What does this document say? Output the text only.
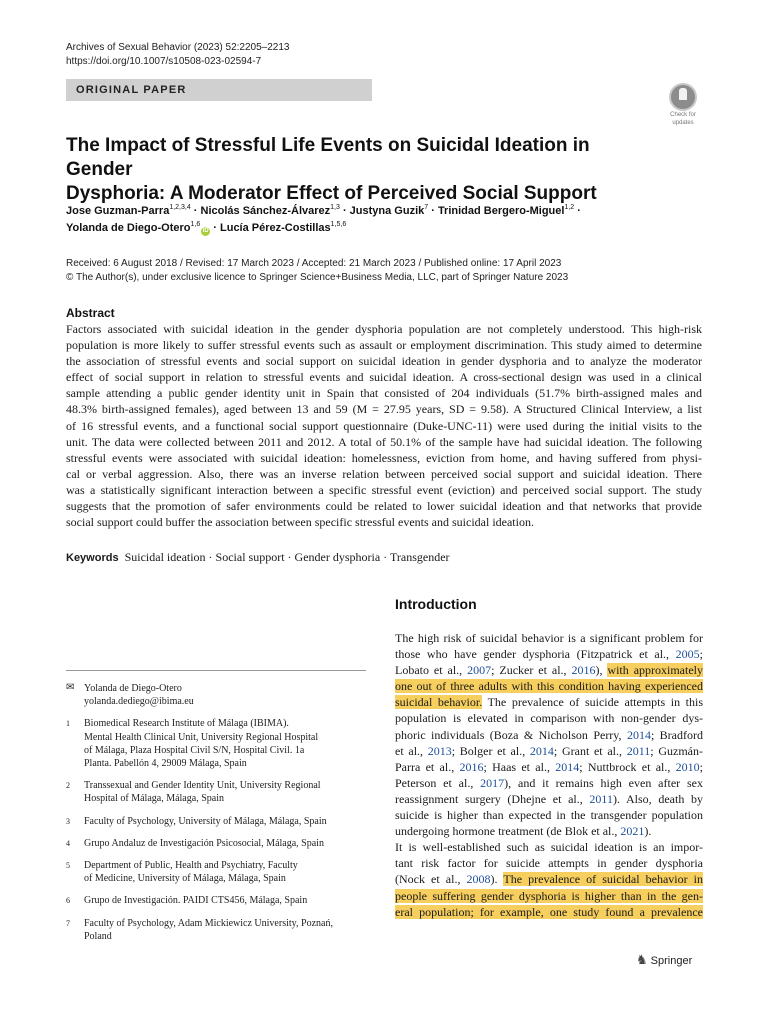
Archives of Sexual Behavior (2023) 52:2205–2213
https://doi.org/10.1007/s10508-023-02594-7
ORIGINAL PAPER
Check for
updates
The Impact of Stressful Life Events on Suicidal Ideation in Gender
Dysphoria: A Moderator Effect of Perceived Social Support
Jose Guzman-Parra$^{1,2,3,4}$ · Nicolás Sánchez-Álvarez$^{1,3}$ · Justyna Guzik$^7$ · Trinidad Bergero-Miguel$^{1,2}$ ·
Yolanda de Diego-Otero$^{1,6}$iD · Lucía Pérez-Costillas$^{1,5,6}$
Received: 6 August 2018 / Revised: 17 March 2023 / Accepted: 21 March 2023 / Published online: 17 April 2023
© The Author(s), under exclusive licence to Springer Science+Business Media, LLC, part of Springer Nature 2023
Abstract
Factors associated with suicidal ideation in the gender dysphoria population are not completely understood. This high-risk
population is more likely to suffer stressful events such as assault or employment discrimination. This study aimed to determine
the association of stressful events and social support on suicidal ideation in gender dysphoria and to analyze the moderator
effect of social support in relation to stressful events and suicidal ideation. A cross-sectional design was used in a clinical
sample attending a public gender identity unit in Spain that consisted of 204 individuals (51.7% birth-assigned males and
48.3% birth-assigned females), aged between 13 and 59 (M = 27.95 years, SD = 9.58). A Structured Clinical Interview, a list
of 16 stressful events, and a functional social support questionnaire (Duke-UNC-11) were used during the initial visits to the
unit. The data were collected between 2011 and 2012. A total of 50.1% of the sample have had suicidal ideation. The following
stressful events were associated with suicidal ideation: homelessness, eviction from home, and having suffered from physi-
cal or verbal aggression. Also, there was an inverse relation between perceived social support and suicidal ideation. There
was a statistically significant interaction between a specific stressful event (eviction) and perceived social support. The study
suggests that the promotion of safer environments could be related to lower suicidal ideation and that networks that provide
social support could buffer the association between specific stressful events and suicidal ideation.
Keywords Suicidal ideation · Social support · Gender dysphoria · Transgender
Introduction
The high risk of suicidal behavior is a significant problem for
those who have gender dysphoria (Fitzpatrick et al., 2005;
Lobato et al., 2007; Zucker et al., 2016), with approximately
one out of three adults with this condition having experienced
suicidal behavior. The prevalence of suicide attempts in this
population is elevated in comparison with non-gender dys-
phoric individuals (Boza & Nicholson Perry, 2014; Bradford
et al., 2013; Bolger et al., 2014; Grant et al., 2011; Guzmán-
Parra et al., 2016; Haas et al., 2014; Nuttbrock et al., 2010;
Peterson et al., 2017), and it remains high even after sex
reassignment surgery (Dhejne et al., 2011). Also, death by
suicide is higher than expected in the transgender population
undergoing hormone treatment (de Blok et al., 2021).
It is well-established such as suicidal ideation is an impor-
tant risk factor for suicide attempts in gender dysphoria
(Nock et al., 2008). The prevalence of suicidal behavior in
people suffering gender dysphoria is higher than in the gen-
eral population; for example, one study found a prevalence
✉ Yolanda de Diego-Otero
yolanda.dediego@ibima.eu
1 Biomedical Research Institute of Málaga (IBIMA).
Mental Health Clinical Unit, University Regional Hospital
of Málaga, Plaza Hospital Civil S/N, Hospital Civil. 1a
Planta. Pabellón 4, 29009 Málaga, Spain
2 Transsexual and Gender Identity Unit, University Regional
Hospital of Málaga, Málaga, Spain
3 Faculty of Psychology, University of Málaga, Málaga, Spain
4 Grupo Andaluz de Investigación Psicosocial, Málaga, Spain
5 Department of Public, Health and Psychiatry, Faculty
of Medicine, University of Málaga, Málaga, Spain
6 Grupo de Investigación. PAIDI CTS456, Málaga, Spain
7 Faculty of Psychology, Adam Mickiewicz University, Poznań,
Poland
♞ Springer
